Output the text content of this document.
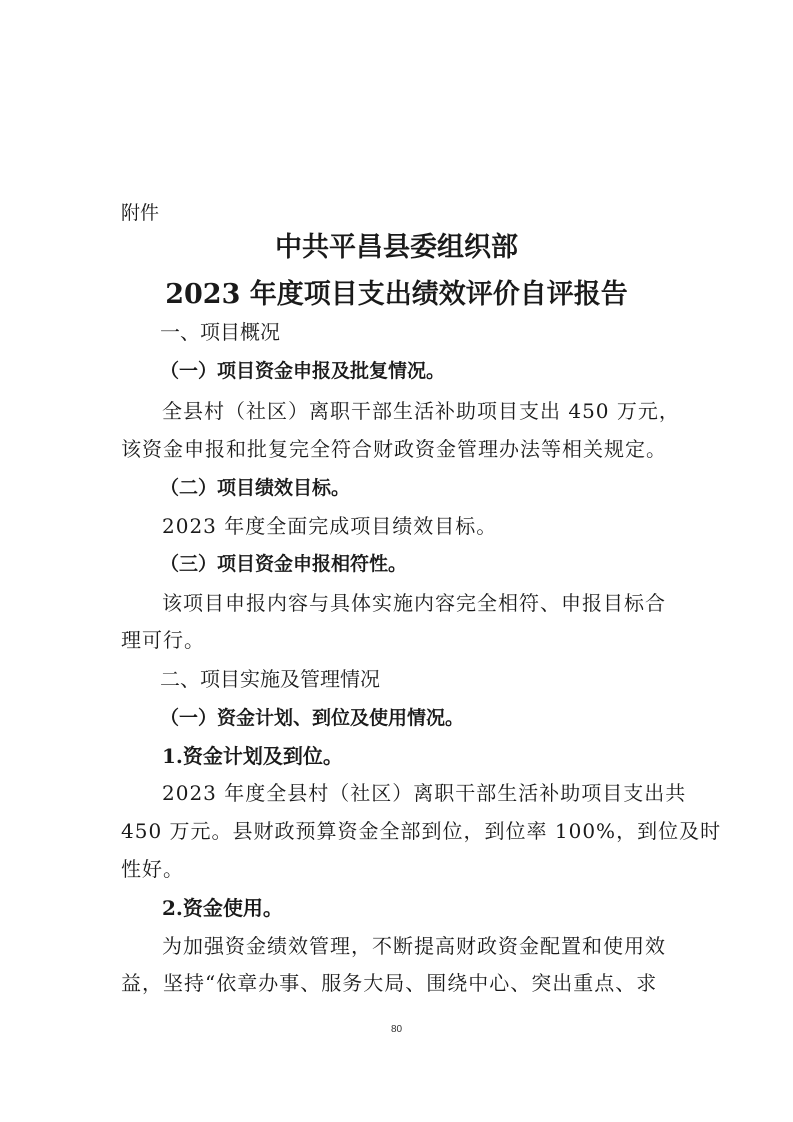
附件
中共平昌县委组织部
2023 年度项目支出绩效评价自评报告
一、项目概况
（一）项目资金申报及批复情况。
全县村（社区）离职干部生活补助项目支出 450 万元，
该资金申报和批复完全符合财政资金管理办法等相关规定。
（二）项目绩效目标。
2023 年度全面完成项目绩效目标。
（三）项目资金申报相符性。
该项目申报内容与具体实施内容完全相符、申报目标合
理可行。
二、项目实施及管理情况
（一）资金计划、到位及使用情况。
1.资金计划及到位。
2023 年度全县村（社区）离职干部生活补助项目支出共
450 万元。县财政预算资金全部到位，到位率 100%，到位及时
性好。
2.资金使用。
为加强资金绩效管理，不断提高财政资金配置和使用效
益，坚持“依章办事、服务大局、围绕中心、突出重点、求
80
